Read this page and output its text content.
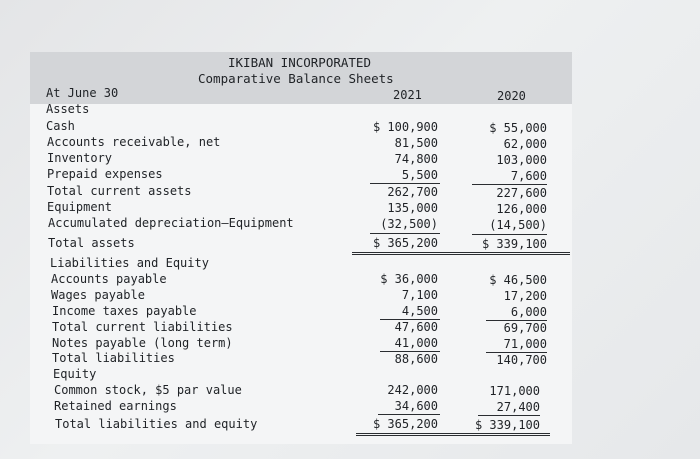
IKIBAN INCORPORATED
Comparative Balance Sheets
At June 30	2021	2020
Assets
Cash	$ 100,900	$ 55,000
Accounts receivable, net	81,500	62,000
Inventory	74,800	103,000
Prepaid expenses	5,500	7,600
Total current assets	262,700	227,600
Equipment	135,000	126,000
Accumulated depreciation—Equipment	(32,500)	(14,500)
Total assets	$ 365,200	$ 339,100
Liabilities and Equity
Accounts payable	$ 36,000	$ 46,500
Wages payable	7,100	17,200
Income taxes payable	4,500	6,000
Total current liabilities	47,600	69,700
Notes payable (long term)	41,000	71,000
Total liabilities	88,600	140,700
Equity
Common stock, $5 par value	242,000	171,000
Retained earnings	34,600	27,400
Total liabilities and equity	$ 365,200	$ 339,100
